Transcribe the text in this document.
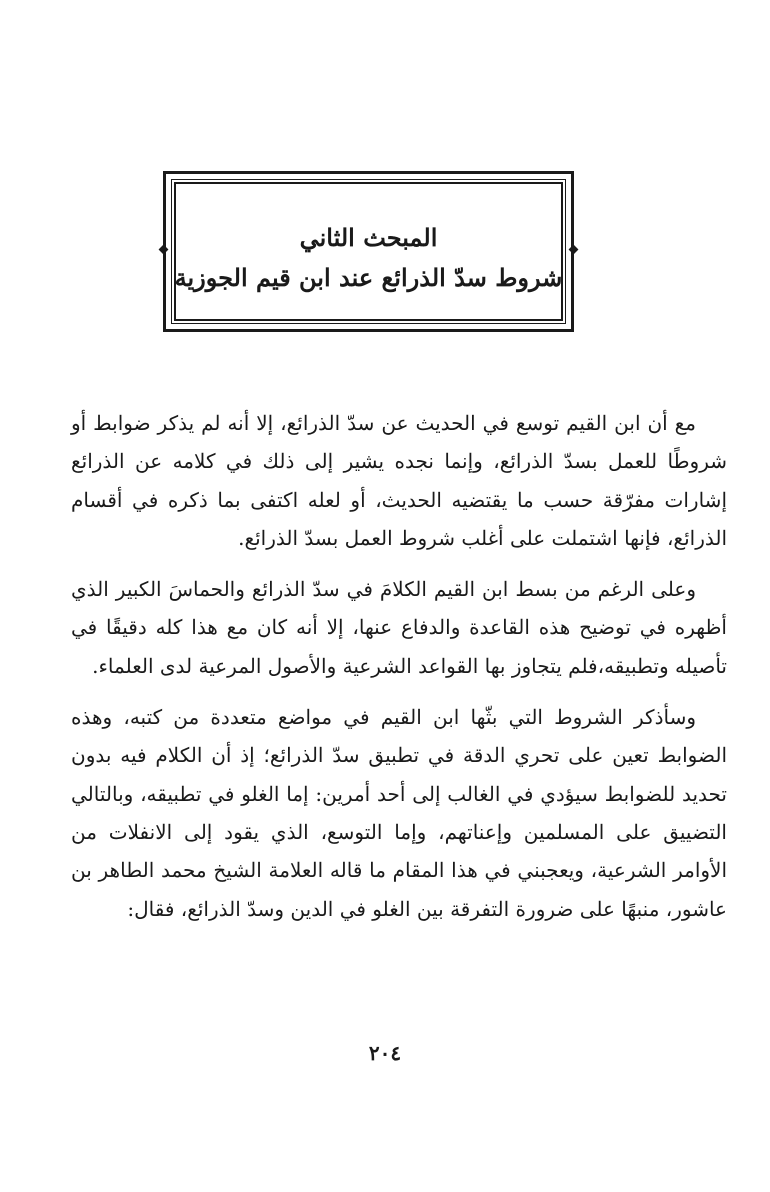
المبحث الثاني
شروط سدّ الذرائع عند ابن قيم الجوزية

مع أن ابن القيم توسع في الحديث عن سدّ الذرائع، إلا أنه لم يذكر ضوابط أو شروطًا للعمل بسدّ الذرائع، وإنما نجده يشير إلى ذلك في كلامه عن الذرائع إشارات مفرّقة حسب ما يقتضيه الحديث، أو لعله اكتفى بما ذكره في أقسام الذرائع، فإنها اشتملت على أغلب شروط العمل بسدّ الذرائع.

وعلى الرغم من بسط ابن القيم الكلامَ في سدّ الذرائع والحماسَ الكبير الذي أظهره في توضيح هذه القاعدة والدفاع عنها، إلا أنه كان مع هذا كله دقيقًا في تأصيله وتطبيقه،فلم يتجاوز بها القواعد الشرعية والأصول المرعية لدى العلماء.

وسأذكر الشروط التي بثّها ابن القيم في مواضع متعددة من كتبه، وهذه الضوابط تعين على تحري الدقة في تطبيق سدّ الذرائع؛ إذ أن الكلام فيه بدون تحديد للضوابط سيؤدي في الغالب إلى أحد أمرين: إما الغلو في تطبيقه، وبالتالي التضييق على المسلمين وإعناتهم، وإما التوسع، الذي يقود إلى الانفلات من الأوامر الشرعية، ويعجبني في هذا المقام ما قاله العلامة الشيخ محمد الطاهر بن عاشور، منبهًا على ضرورة التفرقة بين الغلو في الدين وسدّ الذرائع، فقال:

٢٠٤
